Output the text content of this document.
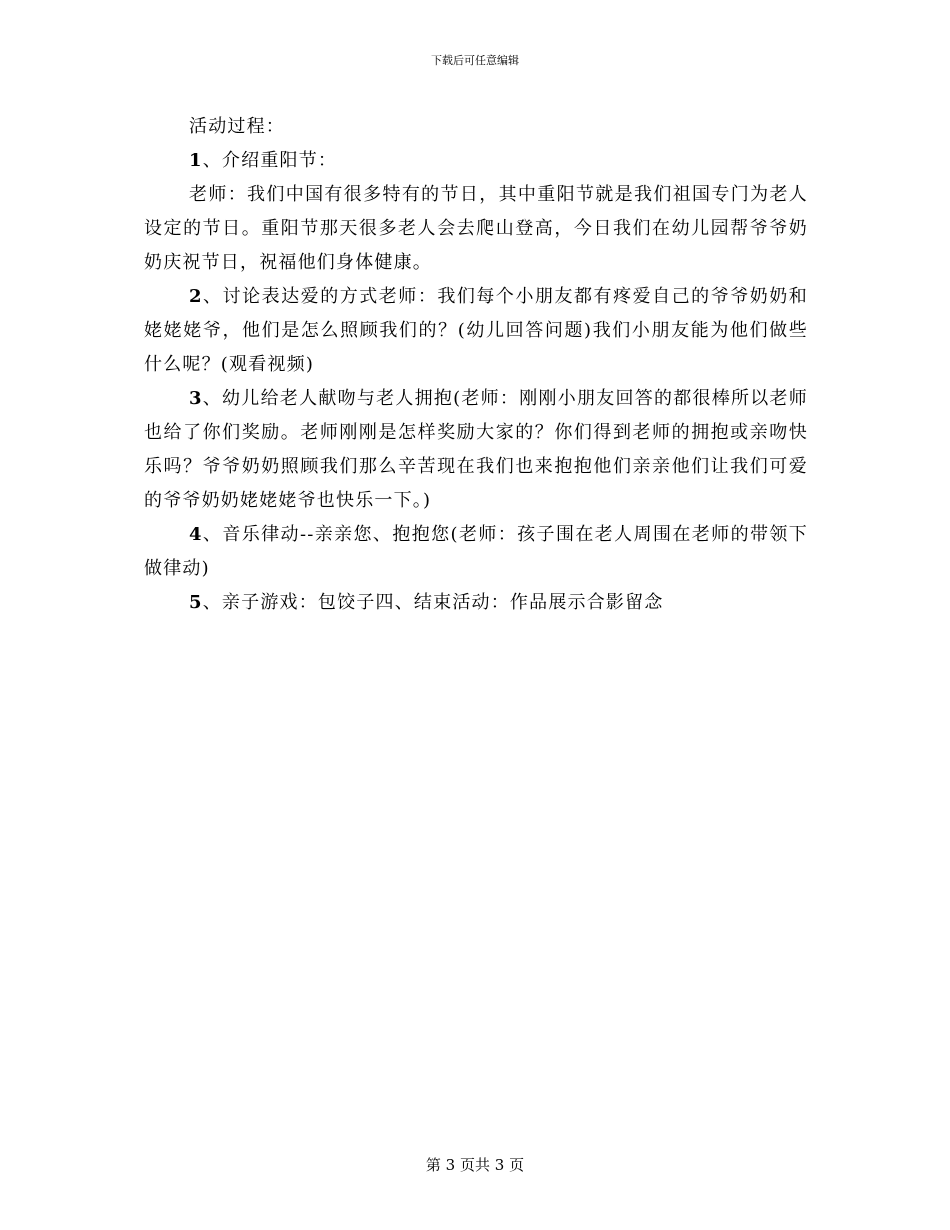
下载后可任意编辑

活动过程：

1、介绍重阳节：

老师：我们中国有很多特有的节日，其中重阳节就是我们祖国专门为老人设定的节日。重阳节那天很多老人会去爬山登高，今日我们在幼儿园帮爷爷奶奶庆祝节日，祝福他们身体健康。

2、讨论表达爱的方式老师：我们每个小朋友都有疼爱自己的爷爷奶奶和姥姥姥爷，他们是怎么照顾我们的？(幼儿回答问题)我们小朋友能为他们做些什么呢？(观看视频)

3、幼儿给老人献吻与老人拥抱(老师：刚刚小朋友回答的都很棒所以老师也给了你们奖励。老师刚刚是怎样奖励大家的？你们得到老师的拥抱或亲吻快乐吗？爷爷奶奶照顾我们那么辛苦现在我们也来抱抱他们亲亲他们让我们可爱的爷爷奶奶姥姥姥爷也快乐一下。)

4、音乐律动--亲亲您、抱抱您(老师：孩子围在老人周围在老师的带领下做律动)

5、亲子游戏：包饺子四、结束活动：作品展示合影留念

第 3 页共 3 页
